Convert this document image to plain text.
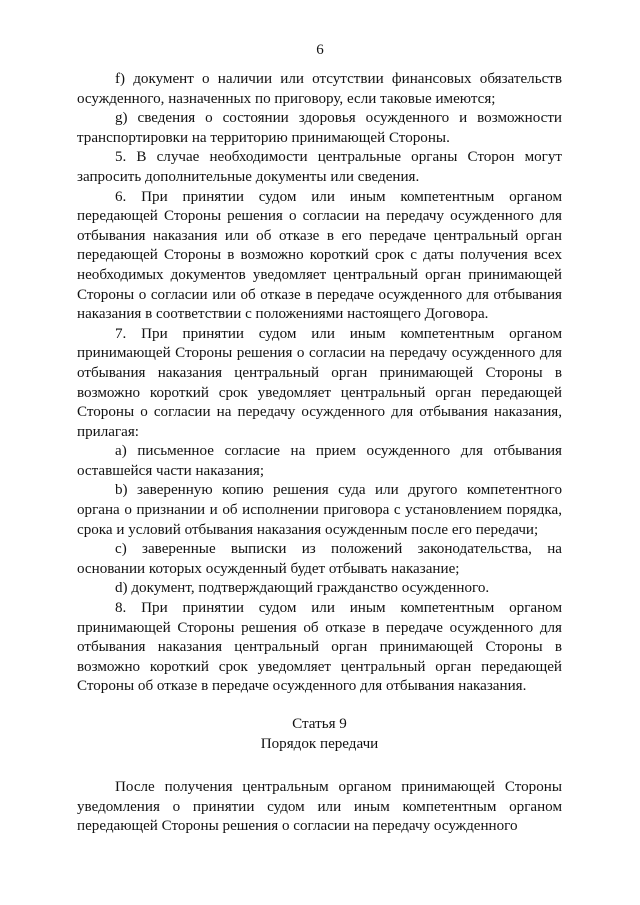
6

f) документ о наличии или отсутствии финансовых обязательств осужденного, назначенных по приговору, если таковые имеются;

g) сведения о состоянии здоровья осужденного и возможности транспортировки на территорию принимающей Стороны.

5. В случае необходимости центральные органы Сторон могут запросить дополнительные документы или сведения.

6. При принятии судом или иным компетентным органом передающей Стороны решения о согласии на передачу осужденного для отбывания наказания или об отказе в его передаче центральный орган передающей Стороны в возможно короткий срок с даты получения всех необходимых документов уведомляет центральный орган принимающей Стороны о согласии или об отказе в передаче осужденного для отбывания наказания в соответствии с положениями настоящего Договора.

7. При принятии судом или иным компетентным органом принимающей Стороны решения о согласии на передачу осужденного для отбывания наказания центральный орган принимающей Стороны в возможно короткий срок уведомляет центральный орган передающей Стороны о согласии на передачу осужденного для отбывания наказания, прилагая:

a) письменное согласие на прием осужденного для отбывания оставшейся части наказания;

b) заверенную копию решения суда или другого компетентного органа о признании и об исполнении приговора с установлением порядка, срока и условий отбывания наказания осужденным после его передачи;

c) заверенные выписки из положений законодательства, на основании которых осужденный будет отбывать наказание;

d) документ, подтверждающий гражданство осужденного.

8. При принятии судом или иным компетентным органом принимающей Стороны решения об отказе в передаче осужденного для отбывания наказания центральный орган принимающей Стороны в возможно короткий срок уведомляет центральный орган передающей Стороны об отказе в передаче осужденного для отбывания наказания.

Статья 9
Порядок передачи

После получения центральным органом принимающей Стороны уведомления о принятии судом или иным компетентным органом передающей Стороны решения о согласии на передачу осужденного
